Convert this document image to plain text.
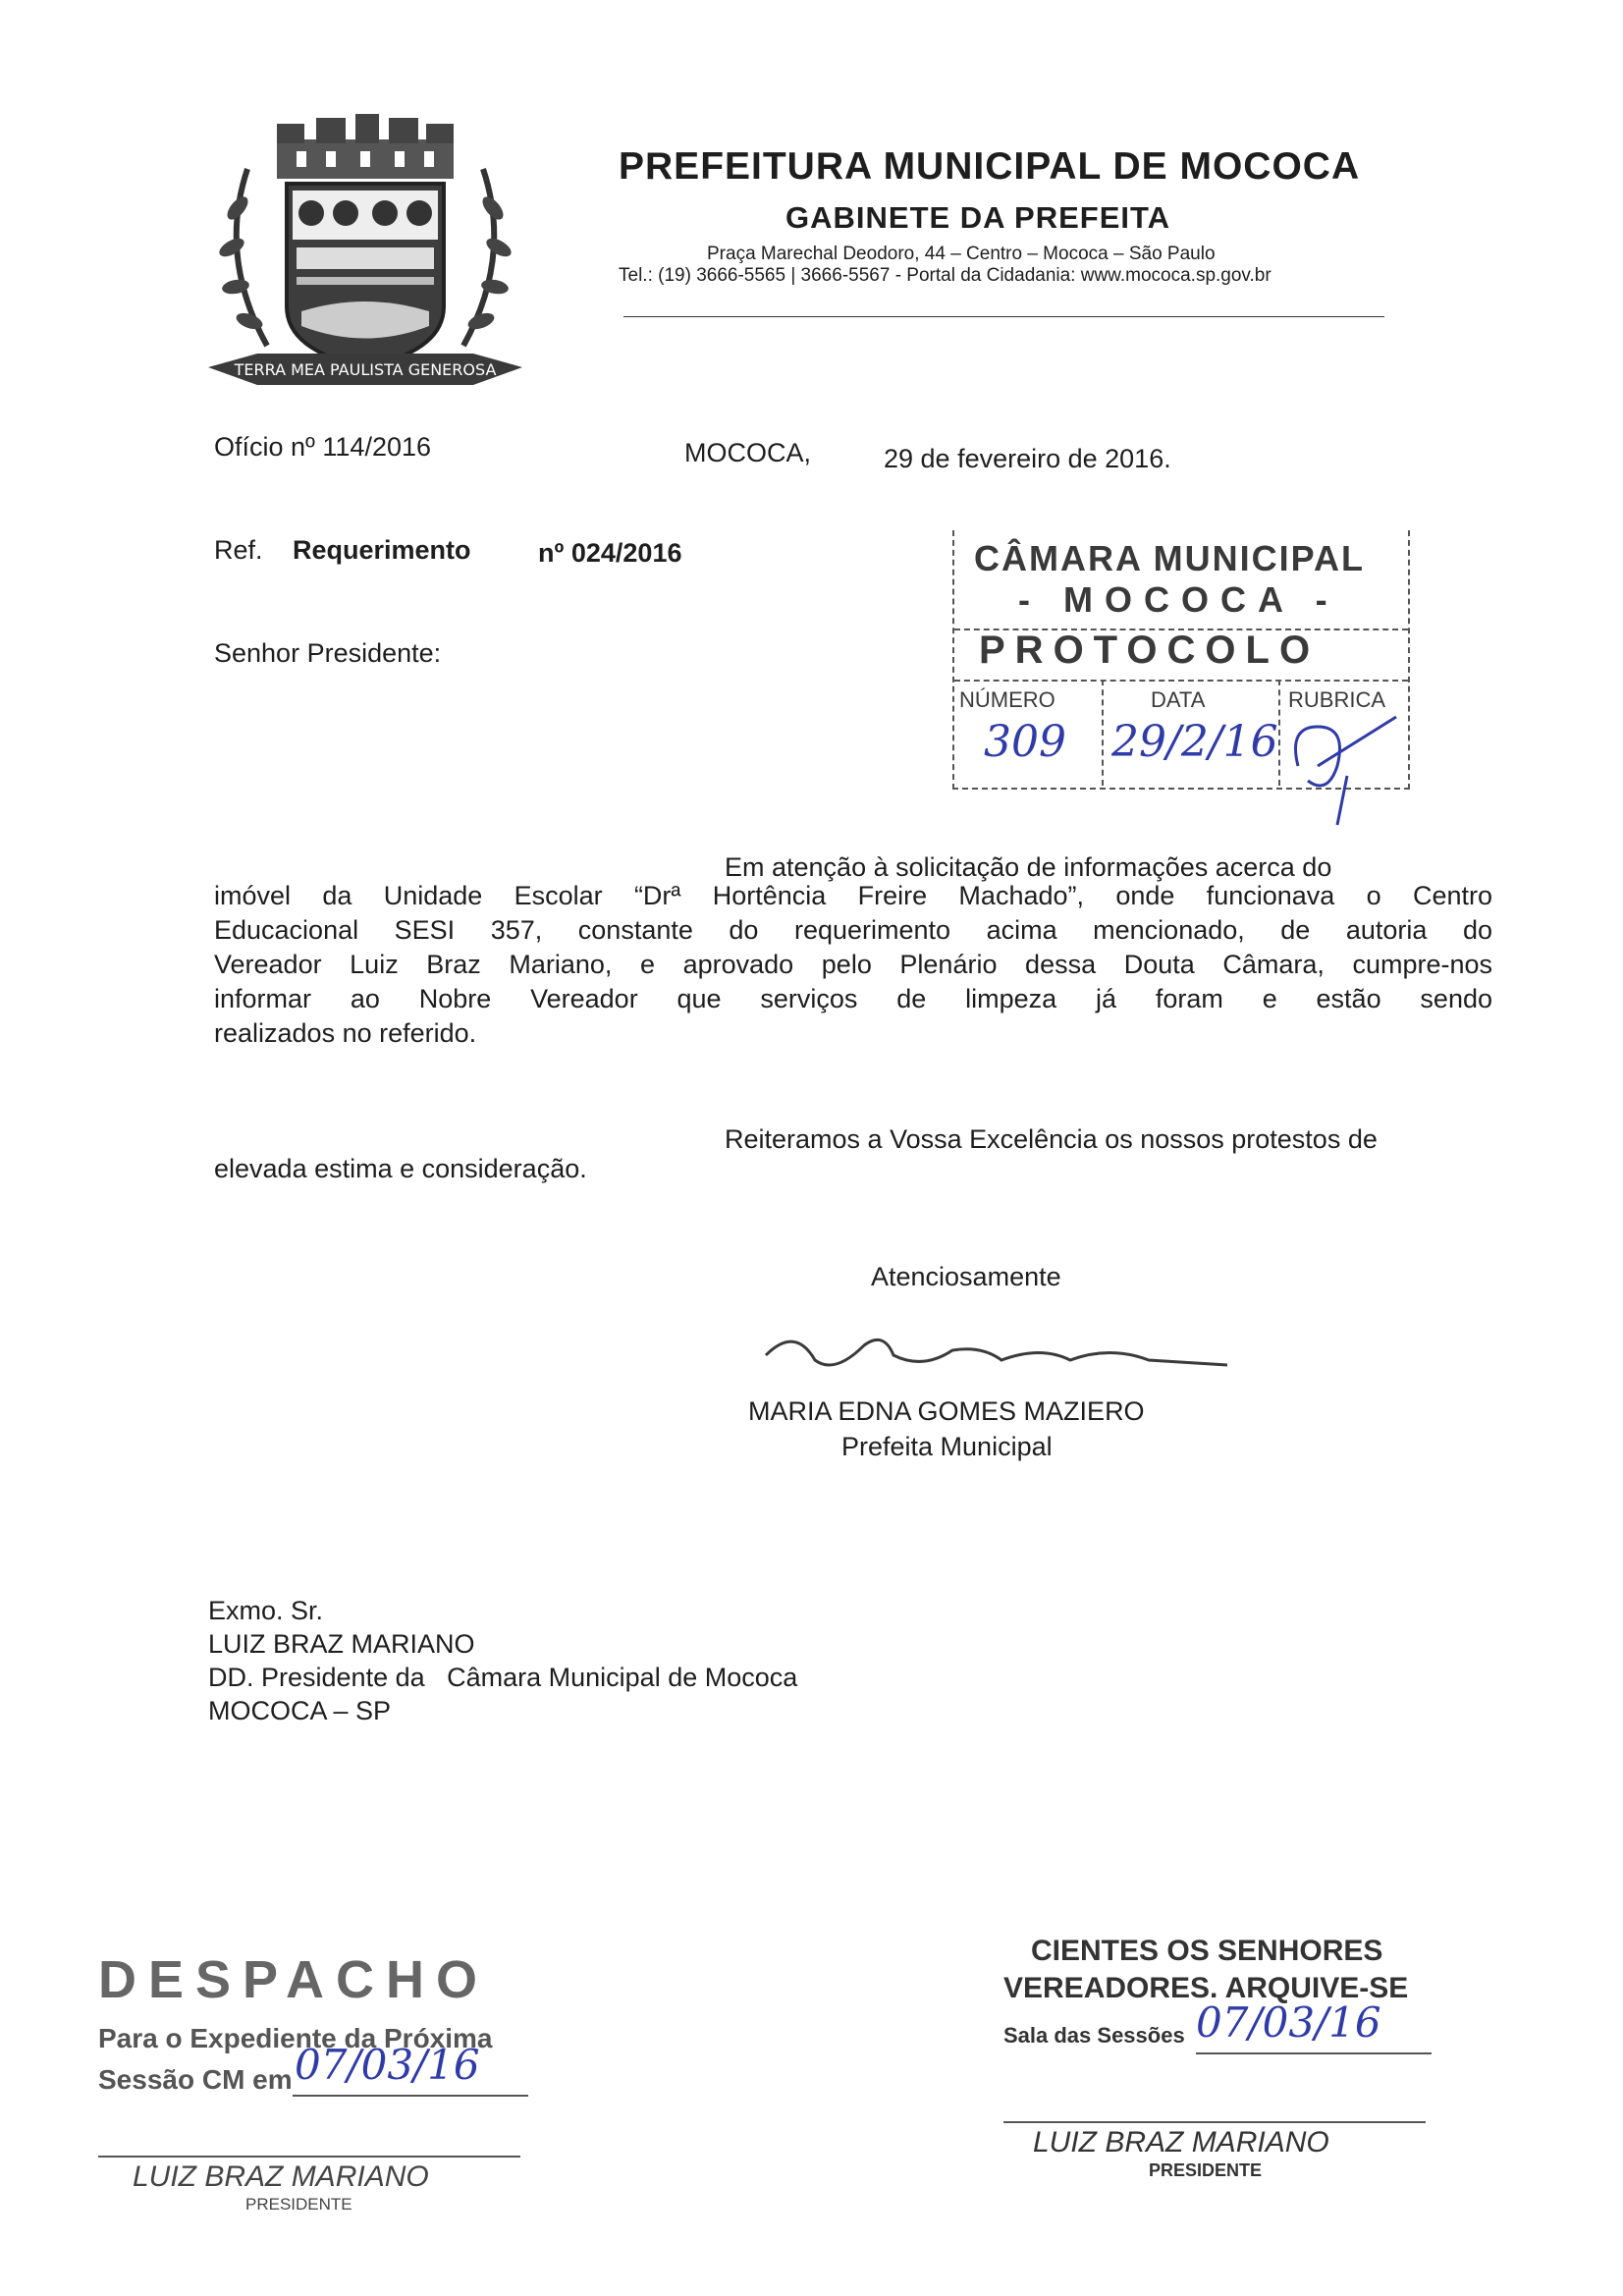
TERRA MEA PAULISTA GENEROSA
PREFEITURA MUNICIPAL DE MOCOCA
GABINETE DA PREFEITA
Praça Marechal Deodoro, 44 – Centro – Mococa – São Paulo
Tel.: (19) 3666-5565 | 3666-5567 - Portal da Cidadania: www.mococa.sp.gov.br
Ofício nº 114/2016	MOCOCA,	29 de fevereiro de 2016.
Ref. Requerimento	nº 024/2016
Senhor Presidente:
CÂMARA MUNICIPAL
- MOCOCA -
PROTOCOLO
NÚMERO	DATA	RUBRICA
309 29/2/16
Em atenção à solicitação de informações acerca do
imóvel da Unidade Escolar “Drª Hortência Freire Machado”, onde funcionava o Centro
Educacional SESI 357, constante do requerimento acima mencionado, de autoria do
Vereador Luiz Braz Mariano, e aprovado pelo Plenário dessa Douta Câmara, cumpre-nos
informar ao Nobre Vereador que serviços de limpeza já foram e estão sendo
realizados no referido.
Reiteramos a Vossa Excelência os nossos protestos de
elevada estima e consideração.
Atenciosamente
MARIA EDNA GOMES MAZIERO
Prefeita Municipal
Exmo. Sr.
LUIZ BRAZ MARIANO
DD. Presidente da   Câmara Municipal de Mococa
MOCOCA – SP
DESPACHO
Para o Expediente da Próxima
Sessão CM em 07/03/16
LUIZ BRAZ MARIANO
PRESIDENTE
CIENTES OS SENHORES
VEREADORES. ARQUIVE-SE
Sala das Sessões 07/03/16
LUIZ BRAZ MARIANO
PRESIDENTE
